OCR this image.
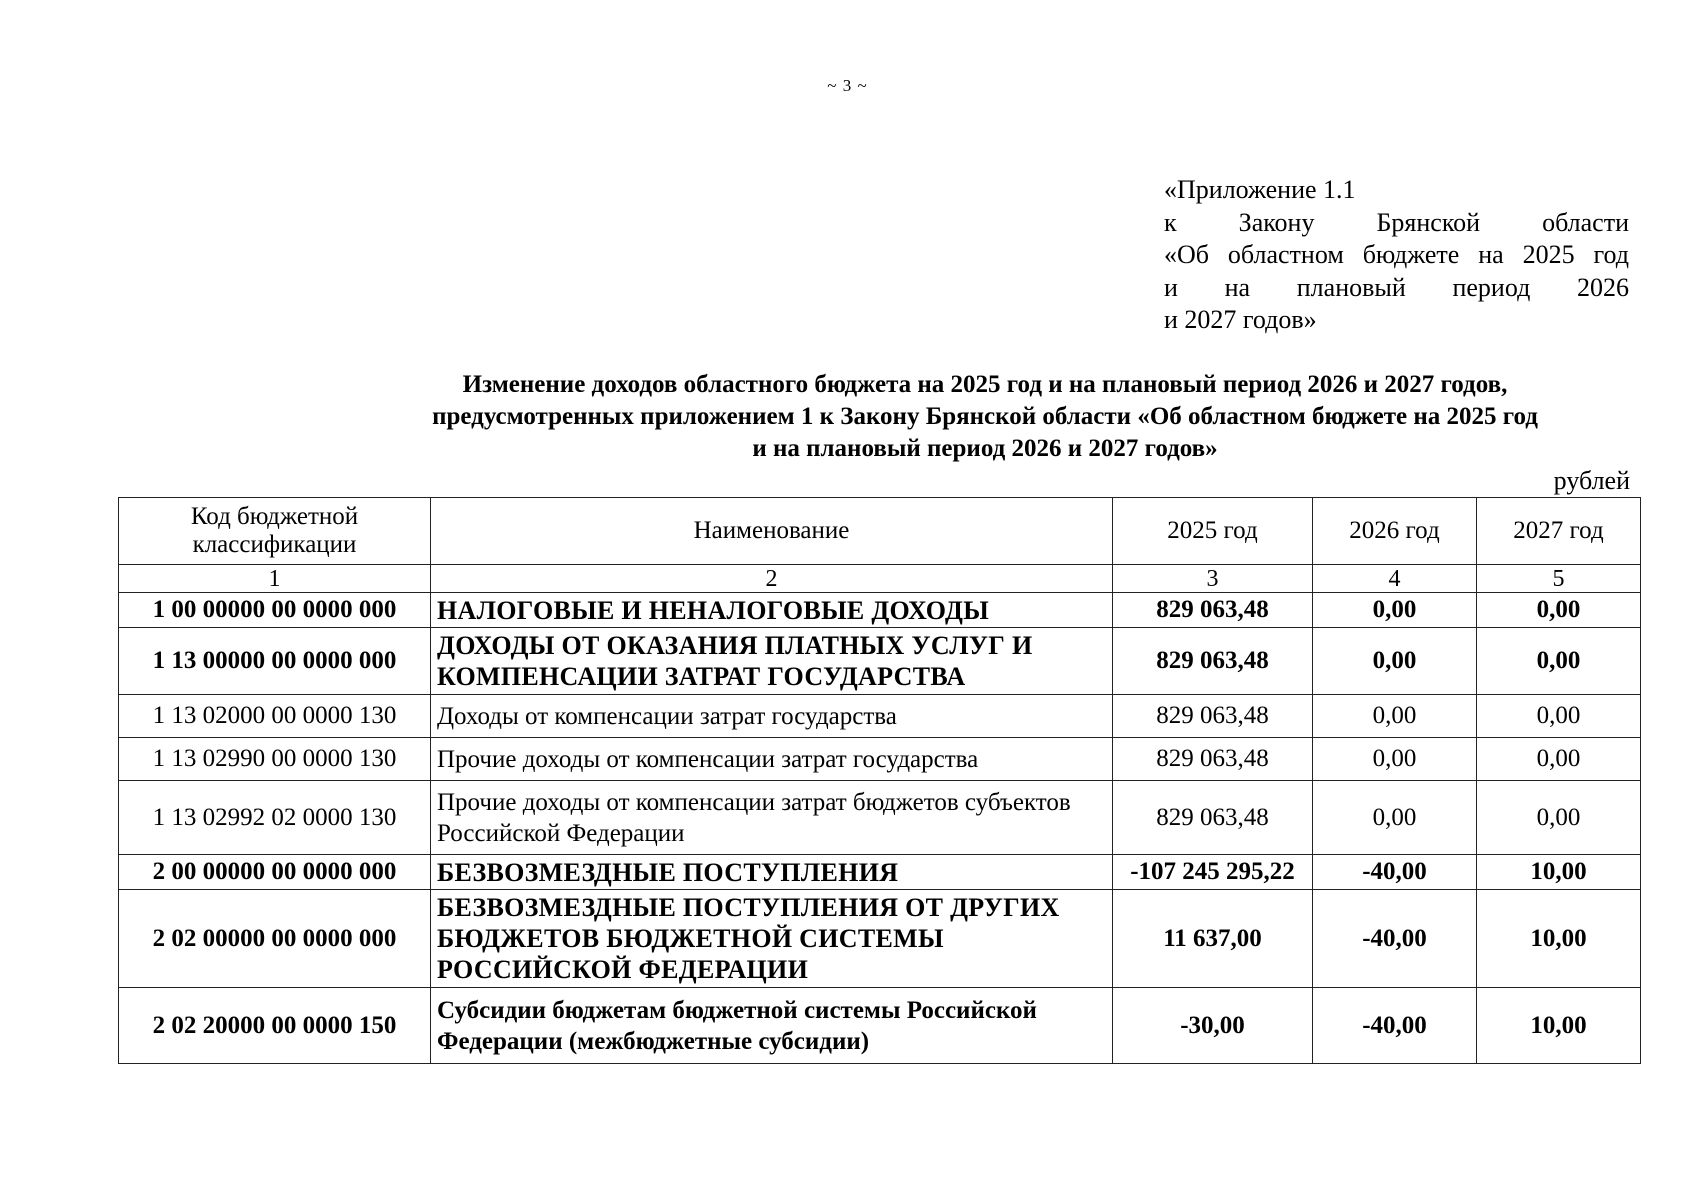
~ 3 ~
«Приложение 1.1
к Закону Брянской области
«Об областном бюджете на 2025 год
и на плановый период 2026
и 2027 годов»
Изменение доходов областного бюджета на 2025 год и на плановый период 2026 и 2027 годов,
предусмотренных приложением 1 к Закону Брянской области «Об областном бюджете на 2025 год
и на плановый период 2026 и 2027 годов»
рублей
Код бюджетной классификации	Наименование	2025 год	2026 год	2027 год
1	2	3	4	5
1 00 00000 00 0000 000	НАЛОГОВЫЕ И НЕНАЛОГОВЫЕ ДОХОДЫ	829 063,48	0,00	0,00
1 13 00000 00 0000 000	ДОХОДЫ ОТ ОКАЗАНИЯ ПЛАТНЫХ УСЛУГ И КОМПЕНСАЦИИ ЗАТРАТ ГОСУДАРСТВА	829 063,48	0,00	0,00
1 13 02000 00 0000 130	Доходы от компенсации затрат государства	829 063,48	0,00	0,00
1 13 02990 00 0000 130	Прочие доходы от компенсации затрат государства	829 063,48	0,00	0,00
1 13 02992 02 0000 130	Прочие доходы от компенсации затрат бюджетов субъектов Российской Федерации	829 063,48	0,00	0,00
2 00 00000 00 0000 000	БЕЗВОЗМЕЗДНЫЕ ПОСТУПЛЕНИЯ	-107 245 295,22	-40,00	10,00
2 02 00000 00 0000 000	БЕЗВОЗМЕЗДНЫЕ ПОСТУПЛЕНИЯ ОТ ДРУГИХ БЮДЖЕТОВ БЮДЖЕТНОЙ СИСТЕМЫ РОССИЙСКОЙ ФЕДЕРАЦИИ	11 637,00	-40,00	10,00
2 02 20000 00 0000 150	Субсидии бюджетам бюджетной системы Российской Федерации (межбюджетные субсидии)	-30,00	-40,00	10,00
